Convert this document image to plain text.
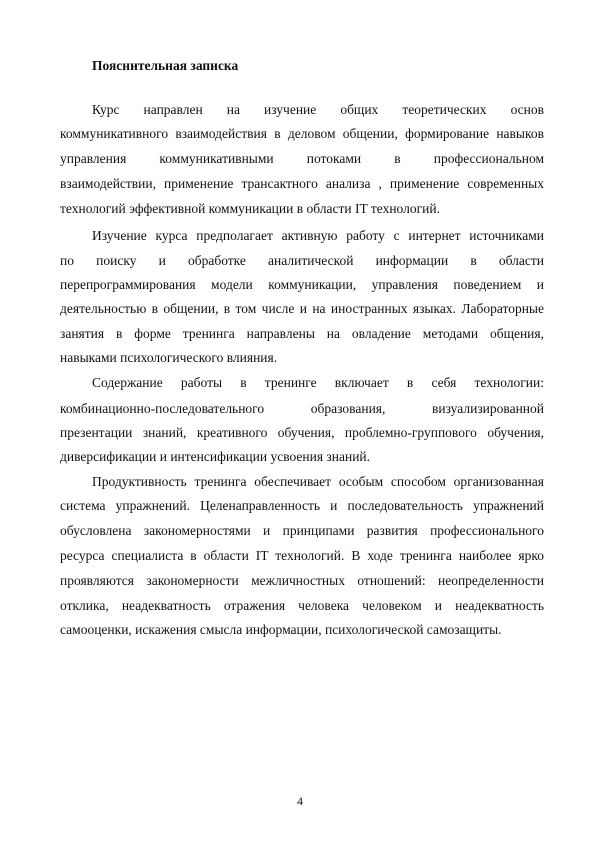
Пояснительная записка
Курс направлен на изучение общих теоретических основ
коммуникативного взаимодействия в деловом общении, формирование навыков
управления коммуникативными потоками в профессиональном
взаимодействии, применение трансактного анализа , применение современных
технологий эффективной коммуникации в области IT технологий.
Изучение курса предполагает активную работу с интернет источниками
по поиску и обработке аналитической информации в области
перепрограммирования модели коммуникации, управления поведением и
деятельностью в общении, в том числе и на иностранных языках. Лабораторные
занятия в форме тренинга направлены на овладение методами общения,
навыками психологического влияния.
Содержание работы в тренинге включает в себя технологии:
комбинационно-последовательного образования, визуализированной
презентации знаний, креативного обучения, проблемно-группового обучения,
диверсификации и интенсификации усвоения знаний.
Продуктивность тренинга обеспечивает особым способом организованная
система упражнений. Целенаправленность и последовательность упражнений
обусловлена закономерностями и принципами развития профессионального
ресурса специалиста в области IT технологий. В ходе тренинга наиболее ярко
проявляются закономерности межличностных отношений: неопределенности
отклика, неадекватность отражения человека человеком и неадекватность
самооценки, искажения смысла информации, психологической самозащиты.
4
